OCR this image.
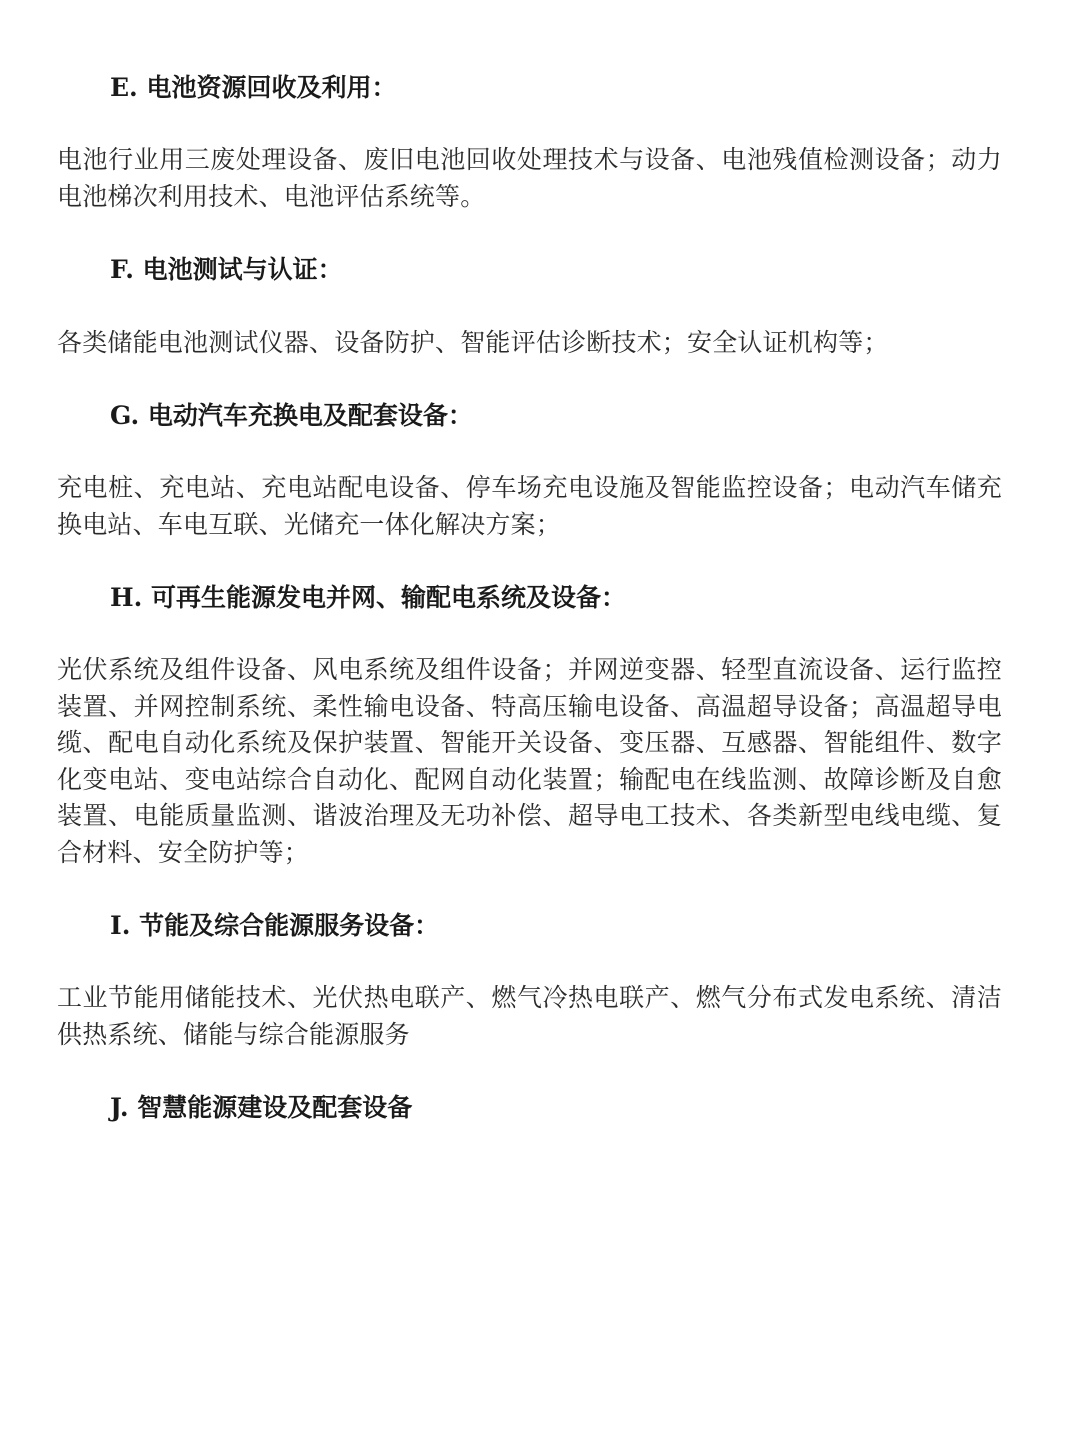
E. 电池资源回收及利用：
电池行业用三废处理设备、废旧电池回收处理技术与设备、电池残值检测设备；动力电池梯次利用技术、电池评估系统等。
F. 电池测试与认证：
各类储能电池测试仪器、设备防护、智能评估诊断技术；安全认证机构等；
G. 电动汽车充换电及配套设备：
充电桩、充电站、充电站配电设备、停车场充电设施及智能监控设备；电动汽车储充换电站、车电互联、光储充一体化解决方案；
H. 可再生能源发电并网、输配电系统及设备：
光伏系统及组件设备、风电系统及组件设备；并网逆变器、轻型直流设备、运行监控装置、并网控制系统、柔性输电设备、特高压输电设备、高温超导设备；高温超导电缆、配电自动化系统及保护装置、智能开关设备、变压器、互感器、智能组件、数字化变电站、变电站综合自动化、配网自动化装置；输配电在线监测、故障诊断及自愈装置、电能质量监测、谐波治理及无功补偿、超导电工技术、各类新型电线电缆、复合材料、安全防护等；
I. 节能及综合能源服务设备：
工业节能用储能技术、光伏热电联产、燃气冷热电联产、燃气分布式发电系统、清洁供热系统、储能与综合能源服务
J. 智慧能源建设及配套设备
